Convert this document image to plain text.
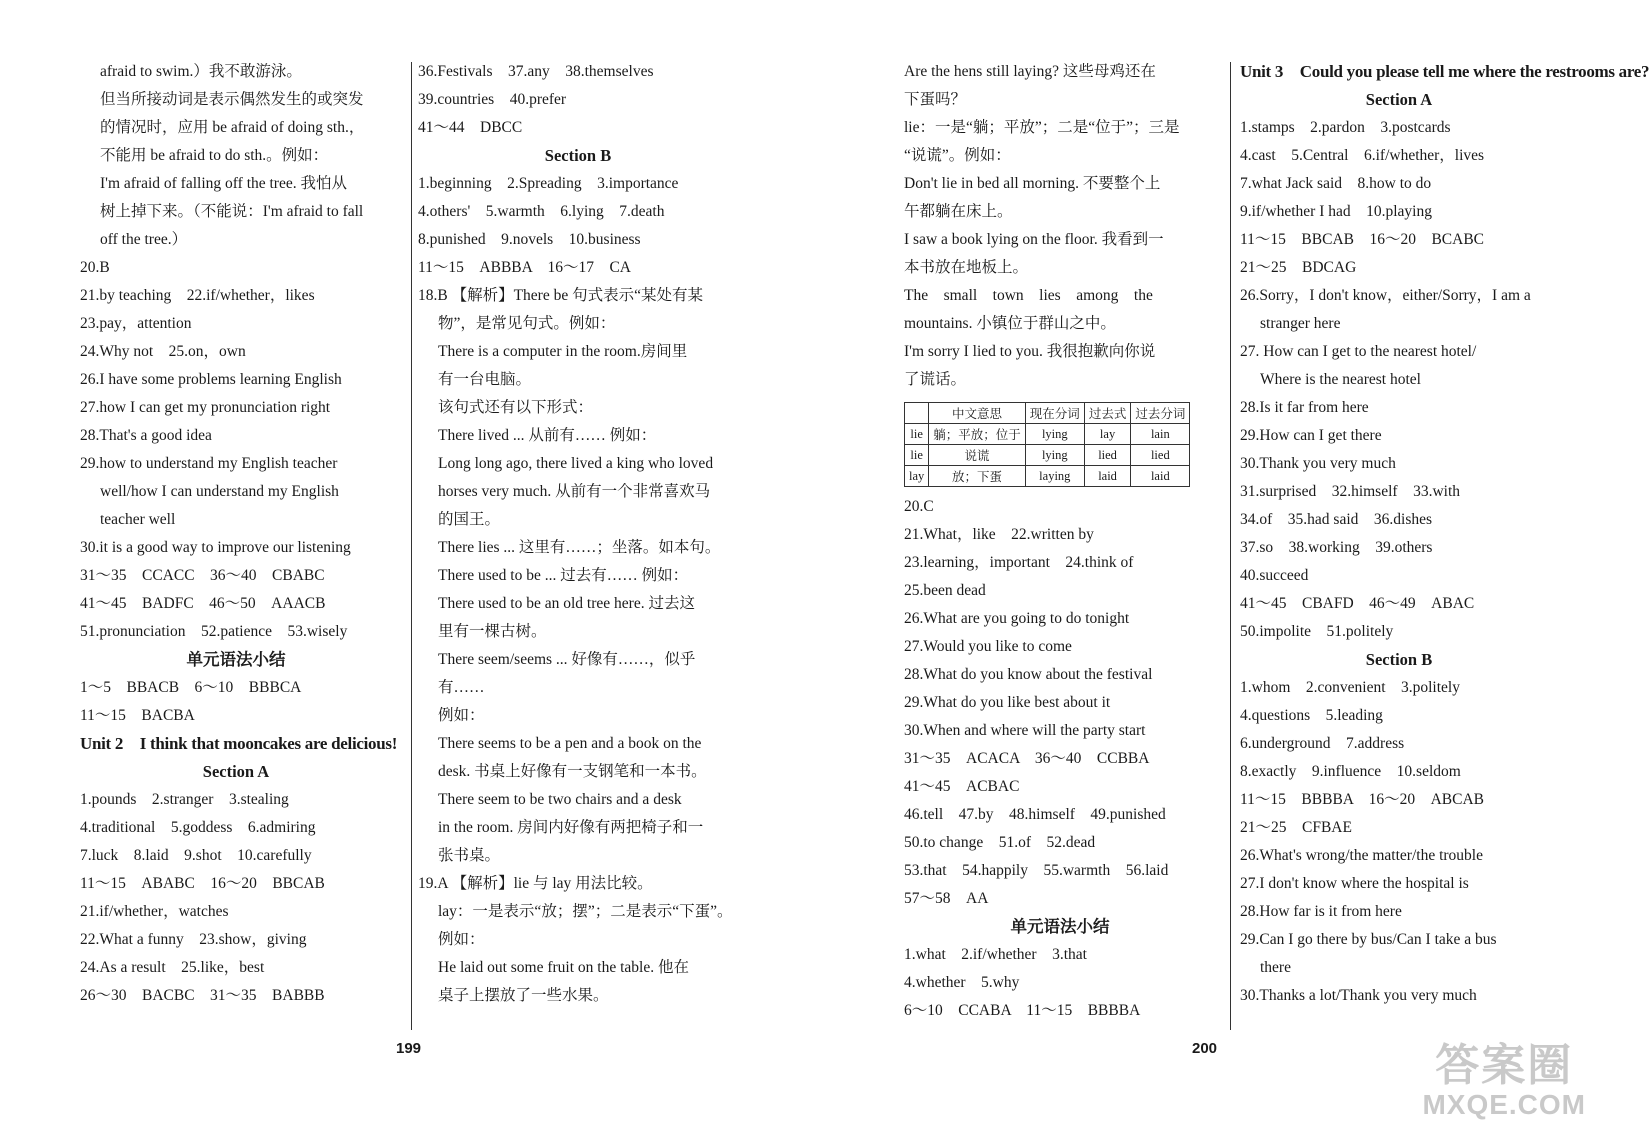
afraid to swim.）我不敢游泳。
但当所接动词是表示偶然发生的或突发
的情况时，应用 be afraid of doing sth.，
不能用 be afraid to do sth.。例如：
I'm afraid of falling off the tree. 我怕从
树上掉下来。（不能说：I'm afraid to fall
off the tree.）
20.B
21.by teaching　22.if/whether，likes
23.pay，attention
24.Why not　25.on，own
26.I have some problems learning English
27.how I can get my pronunciation right
28.That's a good idea
29.how to understand my English teacher
well/how I can understand my English
teacher well
30.it is a good way to improve our listening
31～35　CCACC　36～40　CBABC
41～45　BADFC　46～50　AAACB
51.pronunciation　52.patience　53.wisely
单元语法小结
1～5　BBACB　6～10　BBBCA
11～15　BACBA
Unit 2　I think that mooncakes are delicious!
Section A
1.pounds　2.stranger　3.stealing
4.traditional　5.goddess　6.admiring
7.luck　8.laid　9.shot　10.carefully
11～15　ABABC　16～20　BBCAB
21.if/whether，watches
22.What a funny　23.show，giving
24.As a result　25.like，best
26～30　BACBC　31～35　BABBB
36.Festivals　37.any　38.themselves
39.countries　40.prefer
41～44　DBCC
Section B
1.beginning　2.Spreading　3.importance
4.others'　5.warmth　6.lying　7.death
8.punished　9.novels　10.business
11～15　ABBBA　16～17　CA
18.B 【解析】There be 句式表示“某处有某
物”，是常见句式。例如：
There is a computer in the room.房间里
有一台电脑。
该句式还有以下形式：
There lived ... 从前有…… 例如：
Long long ago, there lived a king who loved
horses very much. 从前有一个非常喜欢马
的国王。
There lies ... 这里有……；坐落。如本句。
There used to be ... 过去有…… 例如：
There used to be an old tree here. 过去这
里有一棵古树。
There seem/seems ... 好像有……，似乎
有……
例如：
There seems to be a pen and a book on the
desk. 书桌上好像有一支钢笔和一本书。
There seem to be two chairs and a desk
in the room. 房间内好像有两把椅子和一
张书桌。
19.A 【解析】lie 与 lay 用法比较。
lay：一是表示“放；摆”；二是表示“下蛋”。
例如：
He laid out some fruit on the table. 他在
桌子上摆放了一些水果。
Are the hens still laying? 这些母鸡还在
下蛋吗？
lie：一是“躺；平放”；二是“位于”；三是
“说谎”。例如：
Don't lie in bed all morning. 不要整个上
午都躺在床上。
I saw a book lying on the floor. 我看到一
本书放在地板上。
The　small　town　lies　among　the
mountains. 小镇位于群山之中。
I'm sorry I lied to you. 我很抱歉向你说
了谎话。
	中文意思	现在分词	过去式	过去分词
lie	躺；平放；位于	lying	lay	lain
lie	说谎	lying	lied	lied
lay	放；下蛋	laying	laid	laid
20.C
21.What，like　22.written by
23.learning，important　24.think of
25.been dead
26.What are you going to do tonight
27.Would you like to come
28.What do you know about the festival
29.What do you like best about it
30.When and where will the party start
31～35　ACACA　36～40　CCBBA
41～45　ACBAC
46.tell　47.by　48.himself　49.punished
50.to change　51.of　52.dead
53.that　54.happily　55.warmth　56.laid
57～58　AA
单元语法小结
1.what　2.if/whether　3.that
4.whether　5.why
6～10　CCABA　11～15　BBBBA
Unit 3　Could you please tell me where the restrooms are?
Section A
1.stamps　2.pardon　3.postcards
4.cast　5.Central　6.if/whether，lives
7.what Jack said　8.how to do
9.if/whether I had　10.playing
11～15　BBCAB　16～20　BCABC
21～25　BDCAG
26.Sorry，I don't know，either/Sorry，I am a
stranger here
27. How can I get to the nearest hotel/
Where is the nearest hotel
28.Is it far from here
29.How can I get there
30.Thank you very much
31.surprised　32.himself　33.with
34.of　35.had said　36.dishes
37.so　38.working　39.others
40.succeed
41～45　CBAFD　46～49　ABAC
50.impolite　51.politely
Section B
1.whom　2.convenient　3.politely
4.questions　5.leading
6.underground　7.address
8.exactly　9.influence　10.seldom
11～15　BBBBA　16～20　ABCAB
21～25　CFBAE
26.What's wrong/the matter/the trouble
27.I don't know where the hospital is
28.How far is it from here
29.Can I go there by bus/Can I take a bus
there
30.Thanks a lot/Thank you very much
199	200	答案圈
MXQE.COM
